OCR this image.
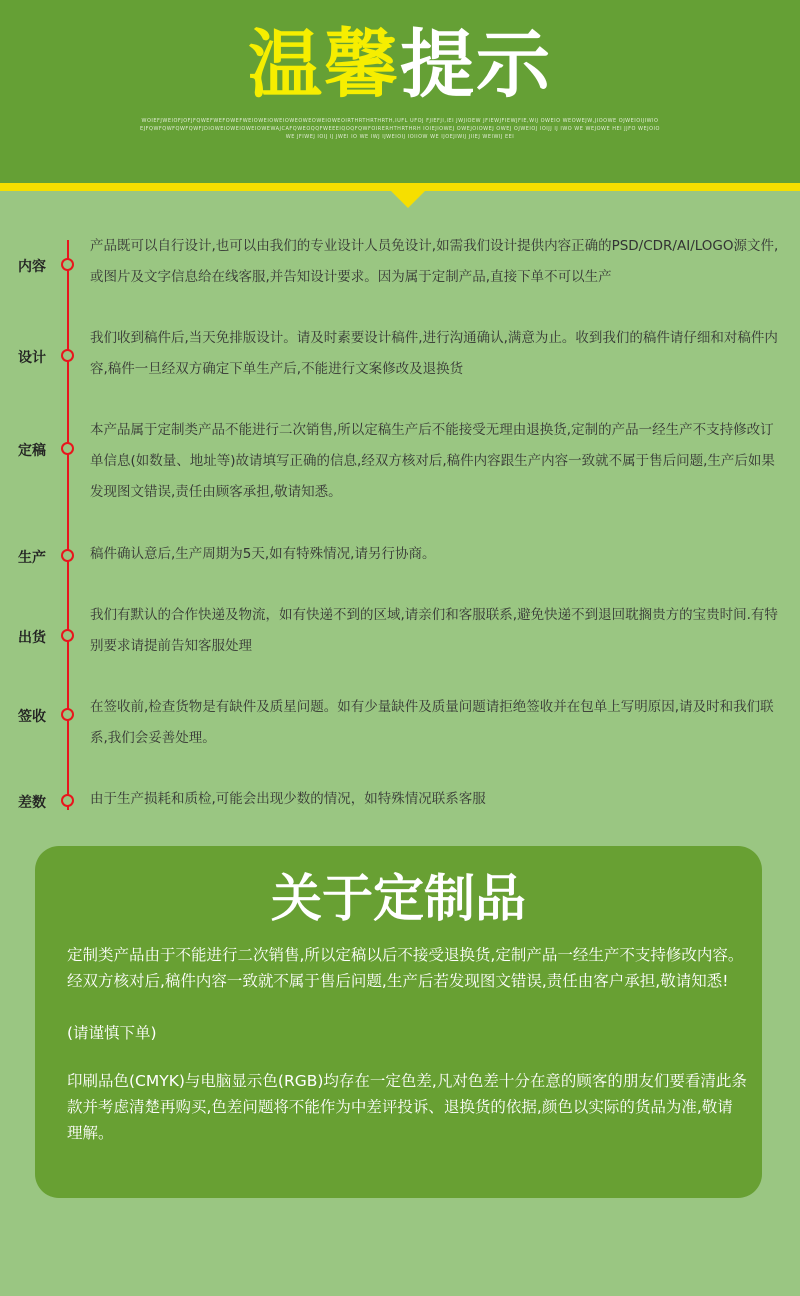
温馨提示
WOIEFJWEIOFJOFJFQWEFWEFOWEFWEIOWEIOWEIOWEOWEOWEIOWEOIRTHRTHRTHRTH,IUFL UFOJ FJIEFJI,IEI JWJIOEW JFIEWJFIEWJFIE,WIJ OWEIO WEOWEJW,JIOOWE OJWEIOIJIWIOEJFQWFQWFQWFQWFJDIOWEIOWEIOWEIOWEWAJCAFQWEOQQFWEEEIQOQFQWFOIRERHTHRTHRH IOIEJIOWEJ OWEJOIOWEJ OWEJ OJWEIOJ IOIJJ IJ IWO WE WEJOWE HEI JJFO WEJOIOWE JFIWEJ IOIJ IJ JWEI IO WE IWJ IJWEIOIJ IOIIOW WE IJOEJIWIJ JIIEJ WEIWIJ EEI
内容
产品既可以自行设计,也可以由我们的专业设计人员免设计,如需我们设计提供内容正确的PSD/CDR/AI/LOGO源文件,或图片及文字信息给在线客服,并告知设计要求。因为属于定制产品,直接下单不可以生产
设计
我们收到稿件后,当天免排版设计。请及时素要设计稿件,进行沟通确认,满意为止。收到我们的稿件请仔细和对稿件内容,稿件一旦经双方确定下单生产后,不能进行文案修改及退换货
定稿
本产品属于定制类产品不能进行二次销售,所以定稿生产后不能接受无理由退换货,定制的产品一经生产不支持修改订单信息(如数量、地址等)故请填写正确的信息,经双方核对后,稿件内容跟生产内容一致就不属于售后问题,生产后如果发现图文错误,责任由顾客承担,敬请知悉。
生产	稿件确认意后,生产周期为5天,如有特殊情况,请另行协商。
出货
我们有默认的合作快递及物流，如有快递不到的区域,请亲们和客服联系,避免快递不到退回耽搁贵方的宝贵时间.有特别要求请提前告知客服处理
签收
在签收前,检查货物是有缺件及质星问题。如有少量缺件及质量问题请拒绝签收并在包单上写明原因,请及时和我们联系,我们会妥善处理。
差数	由于生产损耗和质检,可能会出现少数的情况，如特殊情况联系客服
关于定制品
定制类产品由于不能进行二次销售,所以定稿以后不接受退换货,定制产品一经生产不支持修改内容。经双方核对后,稿件内容一致就不属于售后问题,生产后若发现图文错误,责任由客户承担,敬请知悉!
(请谨慎下单)
印刷品色(CMYK)与电脑显示色(RGB)均存在一定色差,凡对色差十分在意的顾客的朋友们要看清此条款并考虑清楚再购买,色差问题将不能作为中差评投诉、退换货的依据,颜色以实际的货品为准,敬请理解。
